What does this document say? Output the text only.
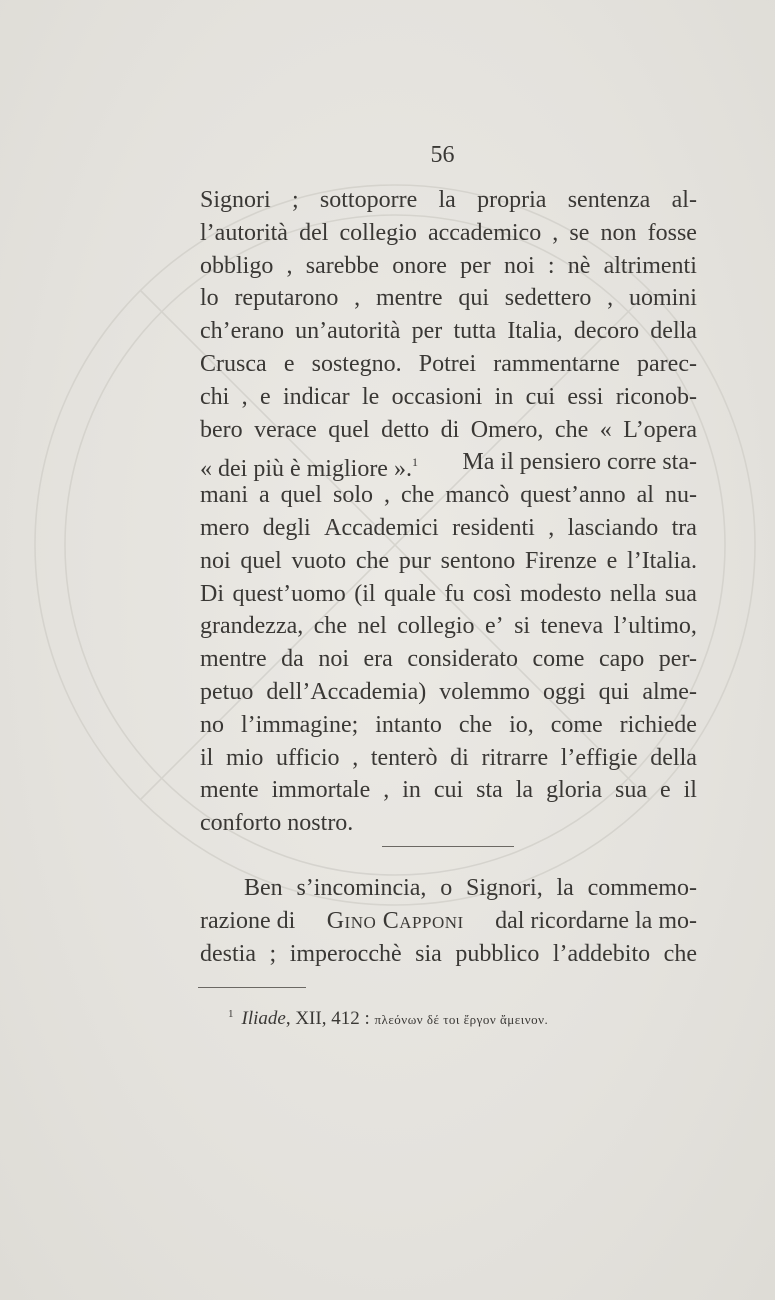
56
Signori ; sottoporre la propria sentenza al-
l’autorità del collegio accademico , se non fosse
obbligo , sarebbe onore per noi : nè altrimenti
lo reputarono , mentre qui sedettero , uomini
ch’erano un’autorità per tutta Italia, decoro della
Crusca e sostegno. Potrei rammentarne parec-
chi , e indicar le occasioni in cui essi riconob-
bero verace quel detto di Omero, che « L’opera
« dei più è migliore ».$^1$ Ma il pensiero corre sta-
mani a quel solo , che mancò quest’anno al nu-
mero degli Accademici residenti , lasciando tra
noi quel vuoto che pur sentono Firenze e l’Italia.
Di quest’uomo (il quale fu così modesto nella sua
grandezza, che nel collegio e’ si teneva l’ultimo,
mentre da noi era considerato come capo per-
petuo dell’Accademia) volemmo oggi qui alme-
no l’immagine; intanto che io, come richiede
il mio ufficio , tenterò di ritrarre l’effigie della
mente immortale , in cui sta la gloria sua e il
conforto nostro.
Ben s’incomincia, o Signori, la commemo-
razione di Gino Capponi dal ricordarne la mo-
destia ; imperocchè sia pubblico l’addebito che
$^1$ Iliade, XII, 412 : πλεόνων δέ τοι ἔργον ἄμεινον.
